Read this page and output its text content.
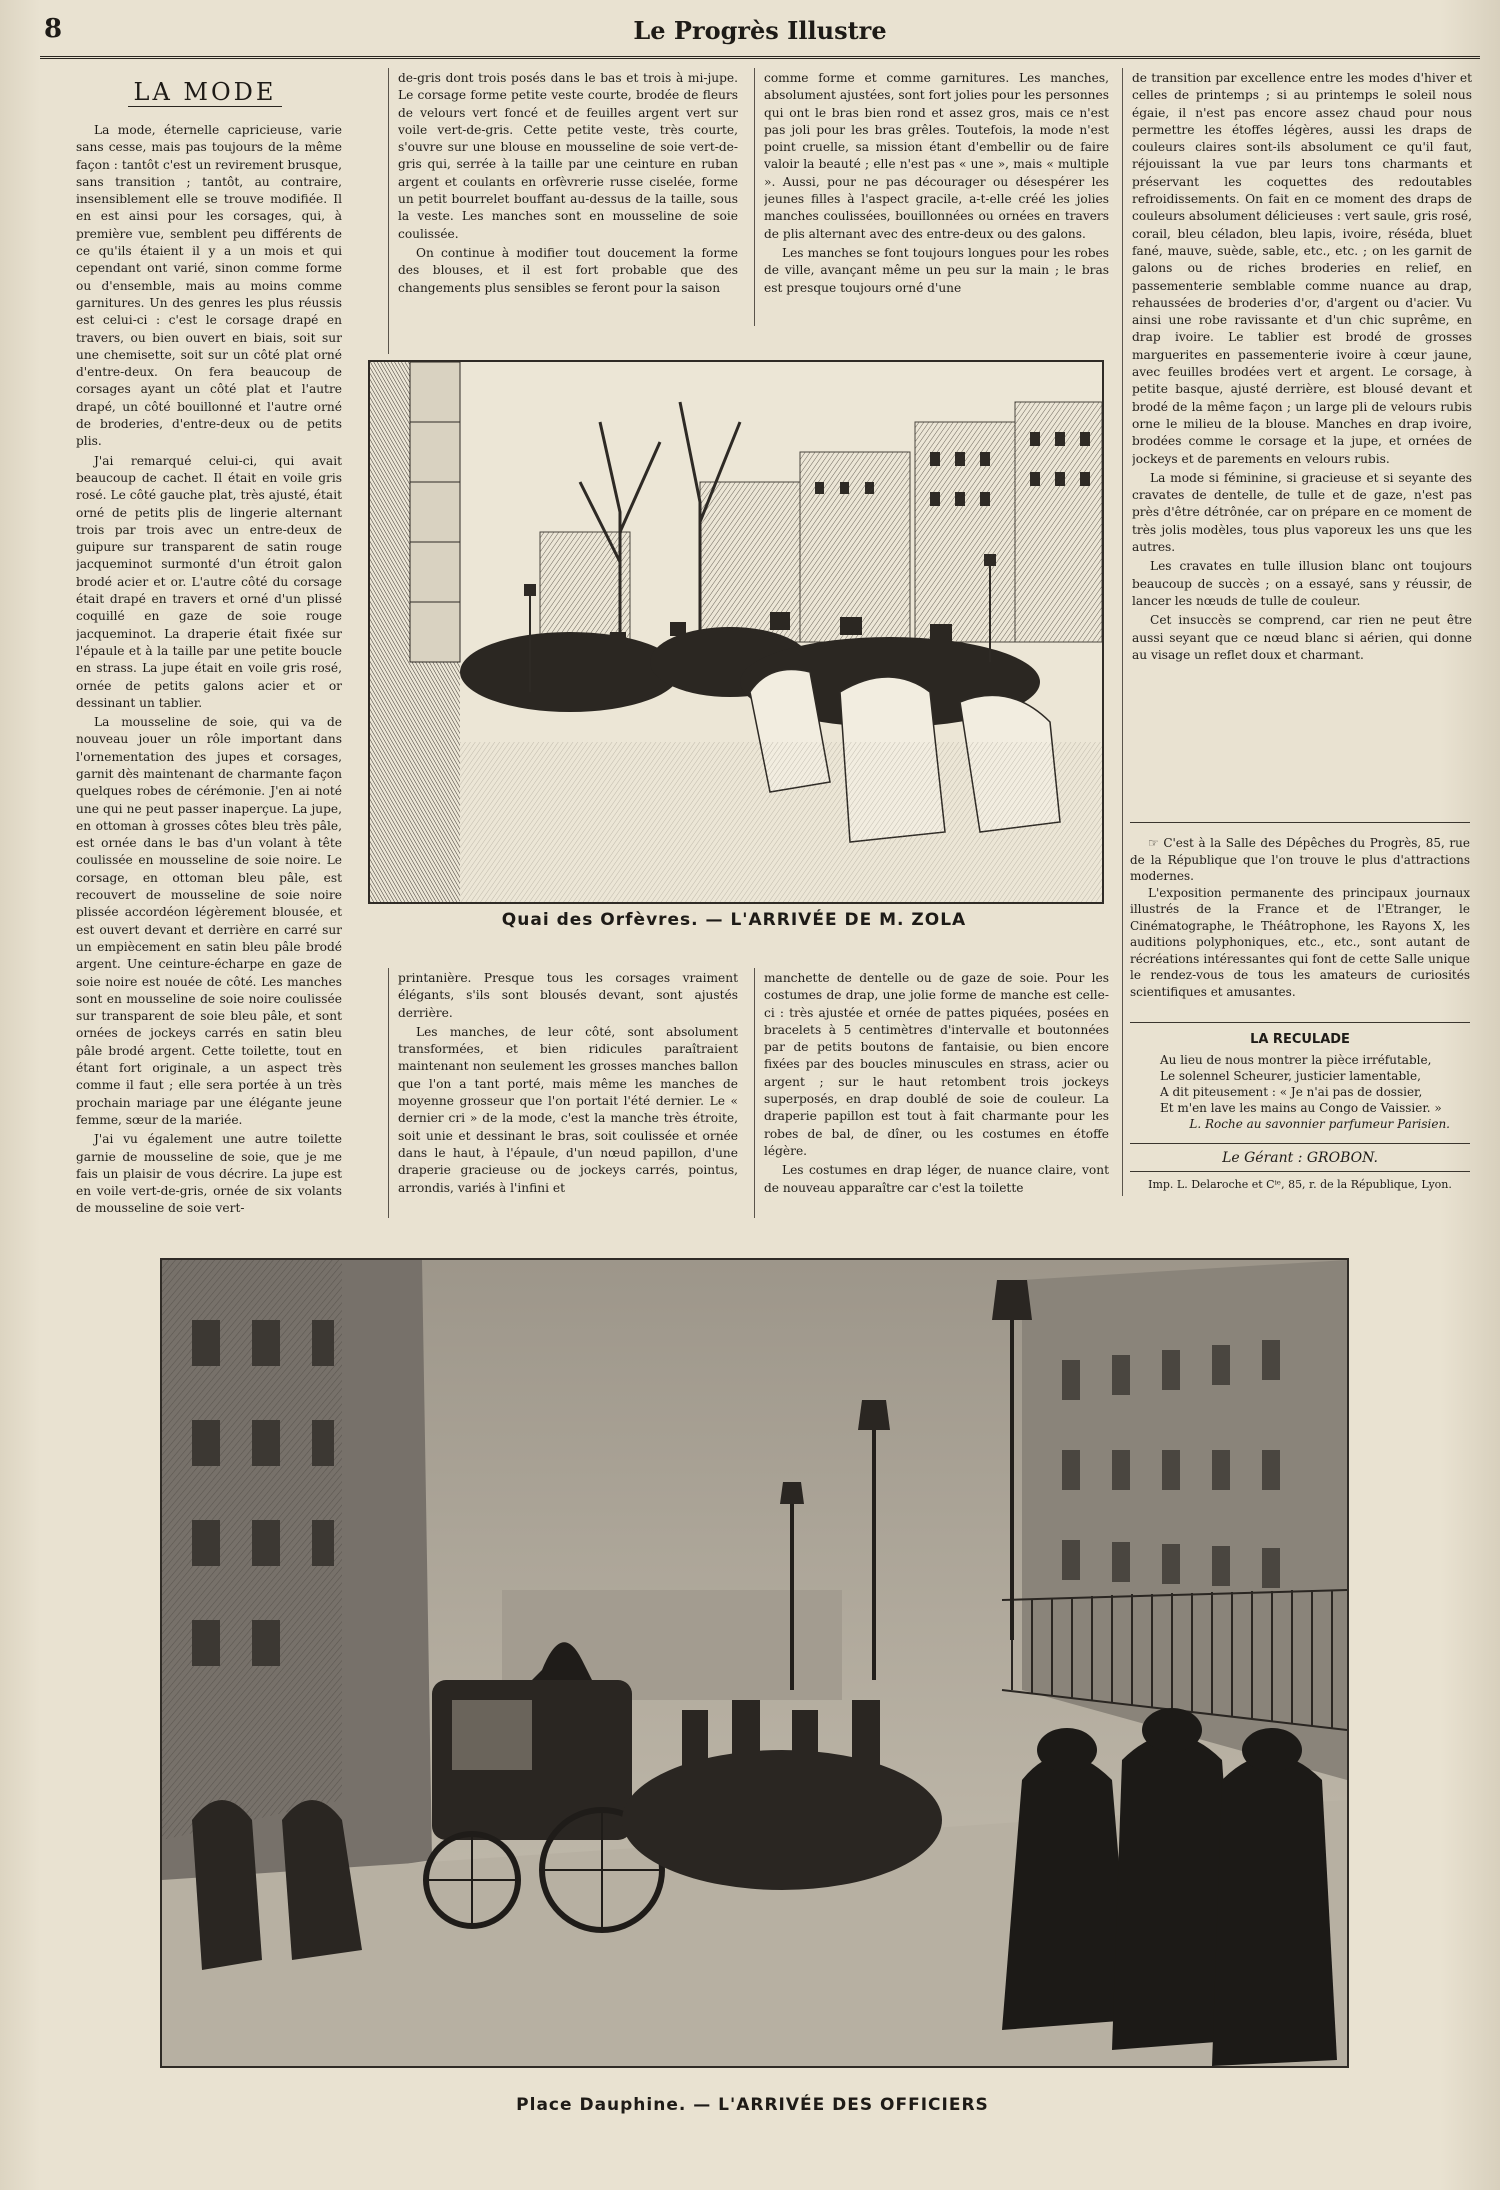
8	Le Progrès Illustre
LA MODE

La mode, éternelle capricieuse, varie sans cesse, mais pas toujours de la même façon : tantôt c'est un revirement brusque, sans transition ; tantôt, au contraire, insensiblement elle se trouve modifiée. Il en est ainsi pour les corsages, qui, à première vue, semblent peu différents de ce qu'ils étaient il y a un mois et qui cependant ont varié, sinon comme forme ou d'ensemble, mais au moins comme garnitures. Un des genres les plus réussis est celui-ci : c'est le corsage drapé en travers, ou bien ouvert en biais, soit sur une chemisette, soit sur un côté plat orné d'entre-deux. On fera beaucoup de corsages ayant un côté plat et l'autre drapé, un côté bouillonné et l'autre orné de broderies, d'entre-deux ou de petits plis.

J'ai remarqué celui-ci, qui avait beaucoup de cachet. Il était en voile gris rosé. Le côté gauche plat, très ajusté, était orné de petits plis de lingerie alternant trois par trois avec un entre-deux de guipure sur transparent de satin rouge jacqueminot surmonté d'un étroit galon brodé acier et or. L'autre côté du corsage était drapé en travers et orné d'un plissé coquillé en gaze de soie rouge jacqueminot. La draperie était fixée sur l'épaule et à la taille par une petite boucle en strass. La jupe était en voile gris rosé, ornée de petits galons acier et or dessinant un tablier.

La mousseline de soie, qui va de nouveau jouer un rôle important dans l'ornementation des jupes et corsages, garnit dès maintenant de charmante façon quelques robes de cérémonie. J'en ai noté une qui ne peut passer inaperçue. La jupe, en ottoman à grosses côtes bleu très pâle, est ornée dans le bas d'un volant à tête coulissée en mousseline de soie noire. Le corsage, en ottoman bleu pâle, est recouvert de mousseline de soie noire plissée accordéon légèrement blousée, et est ouvert devant et derrière en carré sur un empiècement en satin bleu pâle brodé argent. Une ceinture-écharpe en gaze de soie noire est nouée de côté. Les manches sont en mousseline de soie noire coulissée sur transparent de soie bleu pâle, et sont ornées de jockeys carrés en satin bleu pâle brodé argent. Cette toilette, tout en étant fort originale, a un aspect très comme il faut ; elle sera portée à un très prochain mariage par une élégante jeune femme, sœur de la mariée.

J'ai vu également une autre toilette garnie de mousseline de soie, que je me fais un plaisir de vous décrire. La jupe est en voile vert-de-gris, ornée de six volants de mousseline de soie vert-

de-gris dont trois posés dans le bas et trois à mi-jupe. Le corsage forme petite veste courte, brodée de fleurs de velours vert foncé et de feuilles argent vert sur voile vert-de-gris. Cette petite veste, très courte, s'ouvre sur une blouse en mousseline de soie vert-de-gris qui, serrée à la taille par une ceinture en ruban argent et coulants en orfèvrerie russe ciselée, forme un petit bourrelet bouffant au-dessus de la taille, sous la veste. Les manches sont en mousseline de soie coulissée.

On continue à modifier tout doucement la forme des blouses, et il est fort probable que des changements plus sensibles se feront pour la saison

comme forme et comme garnitures. Les manches, absolument ajustées, sont fort jolies pour les personnes qui ont le bras bien rond et assez gros, mais ce n'est pas joli pour les bras grêles. Toutefois, la mode n'est point cruelle, sa mission étant d'embellir ou de faire valoir la beauté ; elle n'est pas « une », mais « multiple ». Aussi, pour ne pas décourager ou désespérer les jeunes filles à l'aspect gracile, a-t-elle créé les jolies manches coulissées, bouillonnées ou ornées en travers de plis alternant avec des entre-deux ou des galons.

Les manches se font toujours longues pour les robes de ville, avançant même un peu sur la main ; le bras est presque toujours orné d'une

de transition par excellence entre les modes d'hiver et celles de printemps ; si au printemps le soleil nous égaie, il n'est pas encore assez chaud pour nous permettre les étoffes légères, aussi les draps de couleurs claires sont-ils absolument ce qu'il faut, réjouissant la vue par leurs tons charmants et préservant les coquettes des redoutables refroidissements. On fait en ce moment des draps de couleurs absolument délicieuses : vert saule, gris rosé, corail, bleu céladon, bleu lapis, ivoire, réséda, bluet fané, mauve, suède, sable, etc., etc. ; on les garnit de galons ou de riches broderies en relief, en passementerie semblable comme nuance au drap, rehaussées de broderies d'or, d'argent ou d'acier. Vu ainsi une robe ravissante et d'un chic suprême, en drap ivoire. Le tablier est brodé de grosses marguerites en passementerie ivoire à cœur jaune, avec feuilles brodées vert et argent. Le corsage, à petite basque, ajusté derrière, est blousé devant et brodé de la même façon ; un large pli de velours rubis orne le milieu de la blouse. Manches en drap ivoire, brodées comme le corsage et la jupe, et ornées de jockeys et de parements en velours rubis.

La mode si féminine, si gracieuse et si seyante des cravates de dentelle, de tulle et de gaze, n'est pas près d'être détrônée, car on prépare en ce moment de très jolis modèles, tous plus vaporeux les uns que les autres.

Les cravates en tulle illusion blanc ont toujours beaucoup de succès ; on a essayé, sans y réussir, de lancer les nœuds de tulle de couleur.

Cet insuccès se comprend, car rien ne peut être aussi seyant que ce nœud blanc si aérien, qui donne au visage un reflet doux et charmant.

Quai des Orfèvres. — L'ARRIVÉE DE M. ZOLA

printanière. Presque tous les corsages vraiment élégants, s'ils sont blousés devant, sont ajustés derrière.

Les manches, de leur côté, sont absolument transformées, et bien ridicules paraîtraient maintenant non seulement les grosses manches ballon que l'on a tant porté, mais même les manches de moyenne grosseur que l'on portait l'été dernier. Le « dernier cri » de la mode, c'est la manche très étroite, soit unie et dessinant le bras, soit coulissée et ornée dans le haut, à l'épaule, d'un nœud papillon, d'une draperie gracieuse ou de jockeys carrés, pointus, arrondis, variés à l'infini et

manchette de dentelle ou de gaze de soie. Pour les costumes de drap, une jolie forme de manche est celle-ci : très ajustée et ornée de pattes piquées, posées en bracelets à 5 centimètres d'intervalle et boutonnées par de petits boutons de fantaisie, ou bien encore fixées par des boucles minuscules en strass, acier ou argent ; sur le haut retombent trois jockeys superposés, en drap doublé de soie de couleur. La draperie papillon est tout à fait charmante pour les robes de bal, de dîner, ou les costumes en étoffe légère.

Les costumes en drap léger, de nuance claire, vont de nouveau apparaître car c'est la toilette

☞ C'est à la Salle des Dépêches du Progrès, 85, rue de la République que l'on trouve le plus d'attractions modernes.

L'exposition permanente des principaux journaux illustrés de la France et de l'Etranger, le Cinématographe, le Théâtrophone, les Rayons X, les auditions polyphoniques, etc., etc., sont autant de récréations intéressantes qui font de cette Salle unique le rendez-vous de tous les amateurs de curiosités scientifiques et amusantes.

LA RECULADE
Au lieu de nous montrer la pièce irréfutable,
Le solennel Scheurer, justicier lamentable,
A dit piteusement : « Je n'ai pas de dossier,
Et m'en lave les mains au Congo de Vaissier. »
L. Roche au savonnier parfumeur Parisien.
Le Gérant : GROBON.
Imp. L. Delaroche et Cⁱᵉ, 85, r. de la République, Lyon.
Place Dauphine. — L'ARRIVÉE DES OFFICIERS
